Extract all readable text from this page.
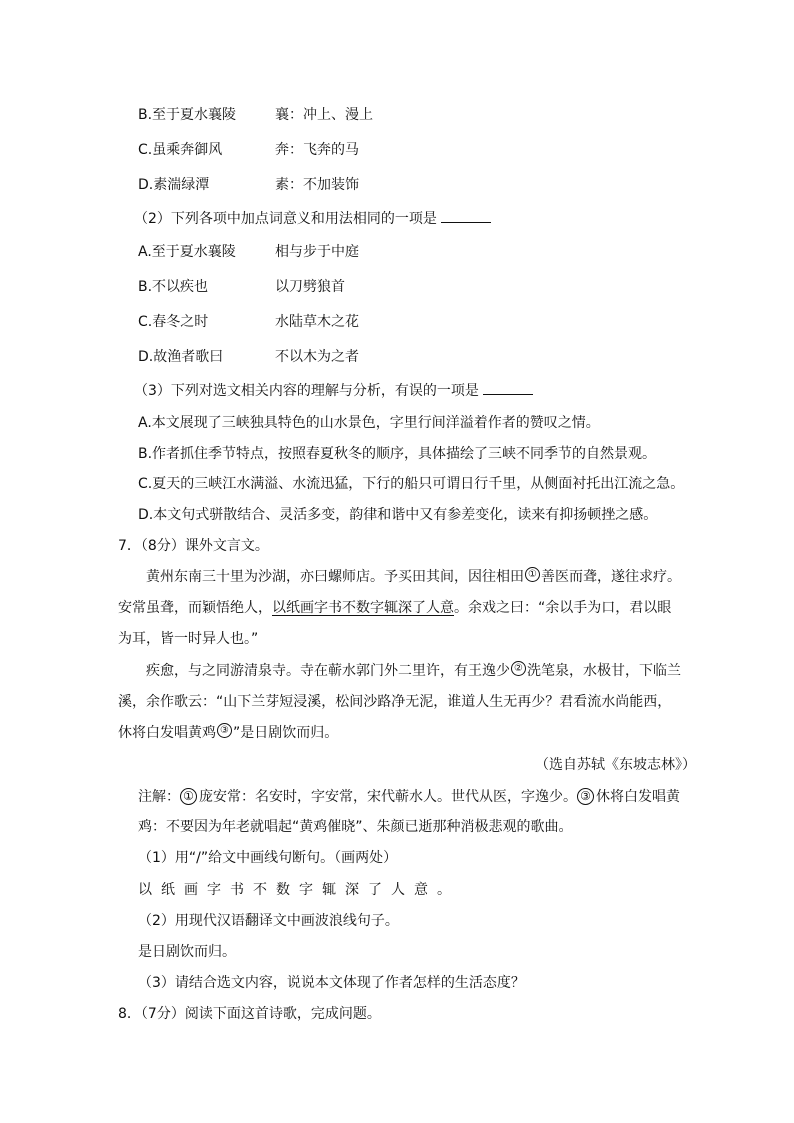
B.至于夏水襄陵	襄：冲上、漫上
C.虽乘奔御风	奔：飞奔的马
D.素湍绿潭	素：不加装饰
（2）下列各项中加点词意义和用法相同的一项是
A.至于夏水襄陵	相与步于中庭
B.不以疾也	以刀劈狼首
C.春冬之时	水陆草木之花
D.故渔者歌曰	不以木为之者
（3）下列对选文相关内容的理解与分析，有误的一项是
A.本文展现了三峡独具特色的山水景色，字里行间洋溢着作者的赞叹之情。
B.作者抓住季节特点，按照春夏秋冬的顺序，具体描绘了三峡不同季节的自然景观。
C.夏天的三峡江水满溢、水流迅猛，下行的船只可谓日行千里，从侧面衬托出江流之急。
D.本文句式骈散结合、灵活多变，韵律和谐中又有参差变化，读来有抑扬顿挫之感。
7．（8分）课外文言文。
黄州东南三十里为沙湖，亦曰螺师店。予买田其间，因往相田 ① 善医而聋，遂往求疗。
安常虽聋，而颖悟绝人，以纸画字书不数字辄深了人意。余戏之曰：“余以手为口，君以眼
为耳，皆一时异人也。”
疾愈，与之同游清泉寺。寺在蕲水郭门外二里许，有王逸少 ② 洗笔泉，水极甘，下临兰
溪，余作歌云：“山下兰芽短浸溪，松间沙路净无泥，谁道人生无再少？君看流水尚能西，
休将白发唱黄鸡 ③ ”是日剧饮而归。
（选自苏轼《东坡志林》）
注解： ① 庞安常：名安时，字安常，宋代蕲水人。世代从医，字逸少。 ③ 休将白发唱黄
鸡：不要因为年老就唱起“黄鸡催晓”、朱颜已逝那种消极悲观的歌曲。
（1）用“/”给文中画线句断句。（画两处）
以纸画字书不数字辄深了人意。
（2）用现代汉语翻译文中画波浪线句子。
是日剧饮而归。
（3）请结合选文内容，说说本文体现了作者怎样的生活态度？
8．（7分）阅读下面这首诗歌，完成问题。
